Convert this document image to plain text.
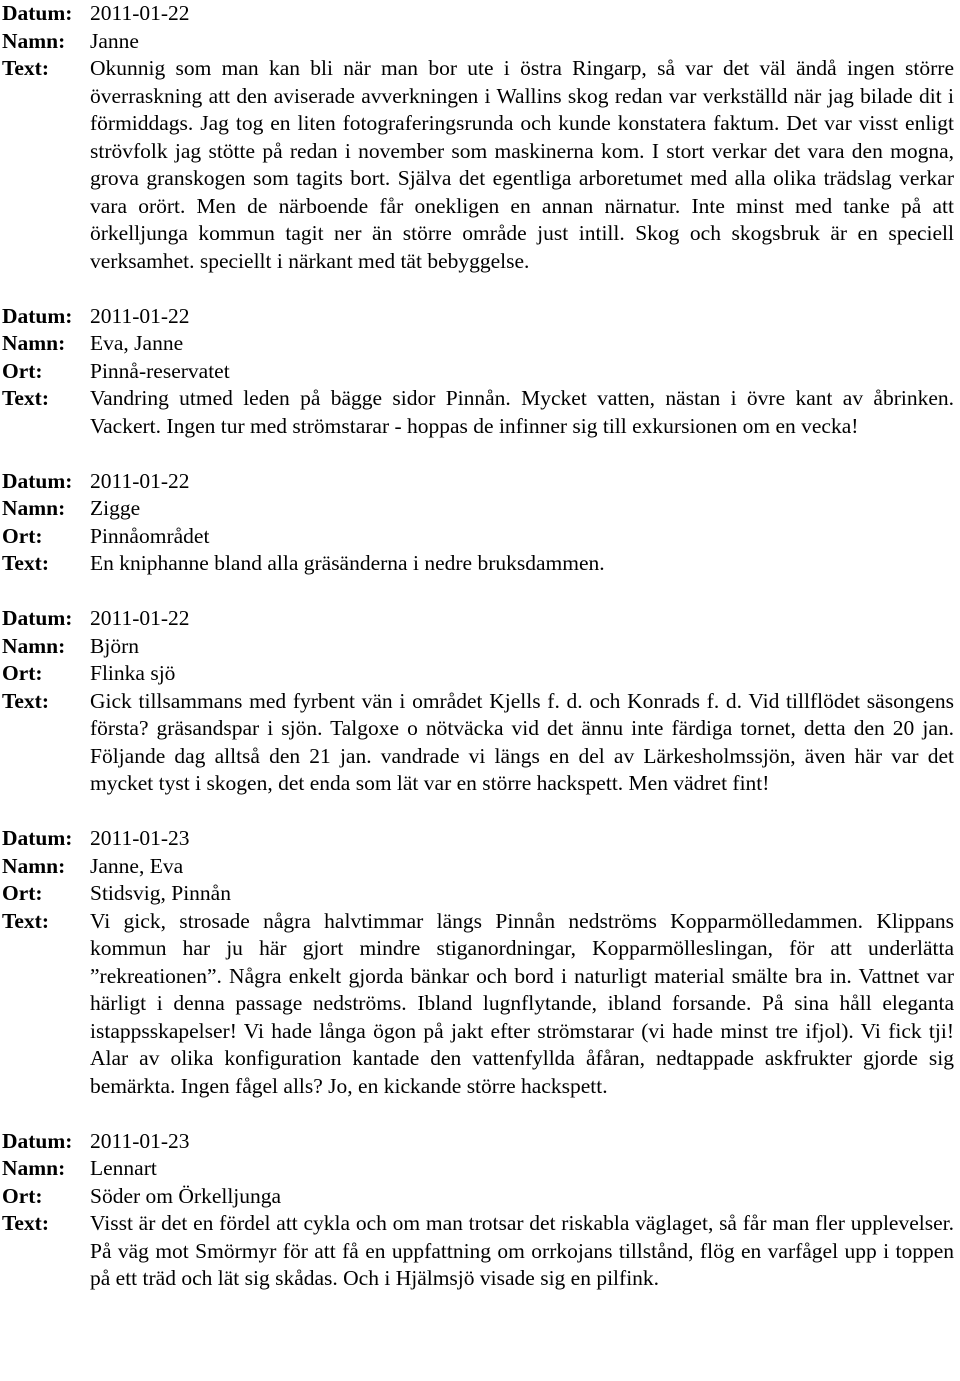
Datum: 2011-01-22
Namn:	Janne
Text:	Okunnig som man kan bli när man bor ute i östra Ringarp, så var det väl ändå ingen större överraskning att den aviserade avverkningen i Wallins skog redan var verkställd när jag bilade dit i förmiddags. Jag tog en liten fotograferingsrunda och kunde konstatera faktum. Det var visst enligt strövfolk jag stötte på redan i november som maskinerna kom. I stort verkar det vara den mogna, grova granskogen som tagits bort. Själva det egentliga arboretumet med alla olika trädslag verkar vara orört. Men de närboende får onekligen en annan närnatur. Inte minst med tanke på att örkelljunga kommun tagit ner än större område just intill. Skog och skogsbruk är en speciell verksamhet. speciellt i närkant med tät bebyggelse.
Datum: 2011-01-22
Namn:	Eva, Janne
Ort:	Pinnå-reservatet
Text:	Vandring utmed leden på bägge sidor Pinnån. Mycket vatten, nästan i övre kant av åbrinken. Vackert. Ingen tur med strömstarar - hoppas de infinner sig till exkursionen om en vecka!
Datum: 2011-01-22
Namn:	Zigge
Ort:	Pinnåområdet
Text:	En kniphanne bland alla gräsänderna i nedre bruksdammen.
Datum: 2011-01-22
Namn:	Björn
Ort:	Flinka sjö
Text:	Gick tillsammans med fyrbent vän i området Kjells f. d. och Konrads f. d. Vid tillflödet säsongens första? gräsandspar i sjön. Talgoxe o nötväcka vid det ännu inte färdiga tornet, detta den 20 jan. Följande dag alltså den 21 jan. vandrade vi längs en del av Lärkesholmssjön, även här var det mycket tyst i skogen, det enda som lät var en större hackspett. Men vädret fint!
Datum: 2011-01-23
Namn:	Janne, Eva
Ort:	Stidsvig, Pinnån
Text:	Vi gick, strosade några halvtimmar längs Pinnån nedströms Kopparmölledammen. Klippans kommun har ju här gjort mindre stiganordningar, Kopparmölleslingan, för att underlätta ”rekreationen”. Några enkelt gjorda bänkar och bord i naturligt material smälte bra in. Vattnet var härligt i denna passage nedströms. Ibland lugnflytande, ibland forsande. På sina håll eleganta istappsskapelser! Vi hade långa ögon på jakt efter strömstarar (vi hade minst tre ifjol). Vi fick tji! Alar av olika konfiguration kantade den vattenfyllda åfåran, nedtappade askfrukter gjorde sig bemärkta. Ingen fågel alls? Jo, en kickande större hackspett.
Datum: 2011-01-23
Namn:	Lennart
Ort:	Söder om Örkelljunga
Text:	Visst är det en fördel att cykla och om man trotsar det riskabla väglaget, så får man fler upplevelser. På väg mot Smörmyr för att få en uppfattning om orrkojans tillstånd, flög en varfågel upp i toppen på ett träd och lät sig skådas. Och i Hjälmsjö visade sig en pilfink.
